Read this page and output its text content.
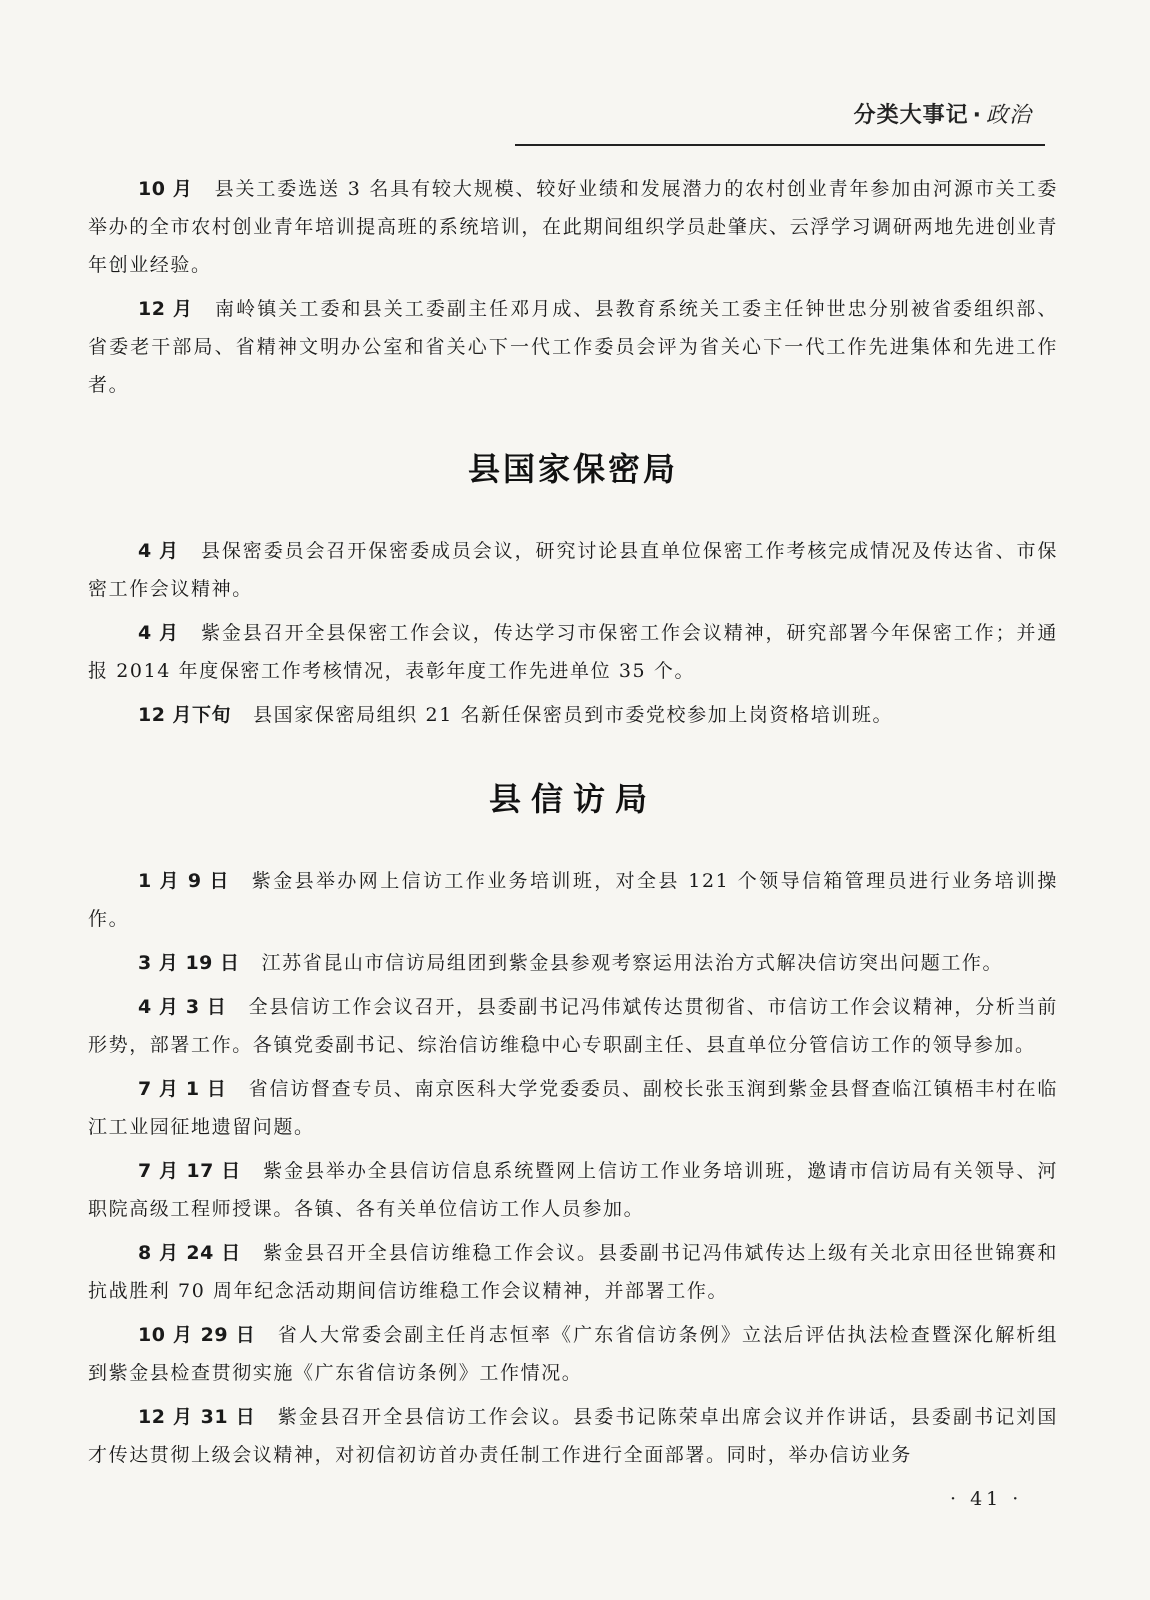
分类大事记 · 政治

10 月 县关工委选送 3 名具有较大规模、较好业绩和发展潜力的农村创业青年参加由河源市关工委举办的全市农村创业青年培训提高班的系统培训，在此期间组织学员赴肇庆、云浮学习调研两地先进创业青年创业经验。

12 月 南岭镇关工委和县关工委副主任邓月成、县教育系统关工委主任钟世忠分别被省委组织部、省委老干部局、省精神文明办公室和省关心下一代工作委员会评为省关心下一代工作先进集体和先进工作者。

县国家保密局

4 月 县保密委员会召开保密委成员会议，研究讨论县直单位保密工作考核完成情况及传达省、市保密工作会议精神。

4 月 紫金县召开全县保密工作会议，传达学习市保密工作会议精神，研究部署今年保密工作；并通报 2014 年度保密工作考核情况，表彰年度工作先进单位 35 个。

12 月下旬 县国家保密局组织 21 名新任保密员到市委党校参加上岗资格培训班。

县信访局

1 月 9 日 紫金县举办网上信访工作业务培训班，对全县 121 个领导信箱管理员进行业务培训操作。

3 月 19 日 江苏省昆山市信访局组团到紫金县参观考察运用法治方式解决信访突出问题工作。

4 月 3 日 全县信访工作会议召开，县委副书记冯伟斌传达贯彻省、市信访工作会议精神，分析当前形势，部署工作。各镇党委副书记、综治信访维稳中心专职副主任、县直单位分管信访工作的领导参加。

7 月 1 日 省信访督查专员、南京医科大学党委委员、副校长张玉润到紫金县督查临江镇梧丰村在临江工业园征地遗留问题。

7 月 17 日 紫金县举办全县信访信息系统暨网上信访工作业务培训班，邀请市信访局有关领导、河职院高级工程师授课。各镇、各有关单位信访工作人员参加。

8 月 24 日 紫金县召开全县信访维稳工作会议。县委副书记冯伟斌传达上级有关北京田径世锦赛和抗战胜利 70 周年纪念活动期间信访维稳工作会议精神，并部署工作。

10 月 29 日 省人大常委会副主任肖志恒率《广东省信访条例》立法后评估执法检查暨深化解析组到紫金县检查贯彻实施《广东省信访条例》工作情况。

12 月 31 日 紫金县召开全县信访工作会议。县委书记陈荣卓出席会议并作讲话，县委副书记刘国才传达贯彻上级会议精神，对初信初访首办责任制工作进行全面部署。同时，举办信访业务

· 41 ·
